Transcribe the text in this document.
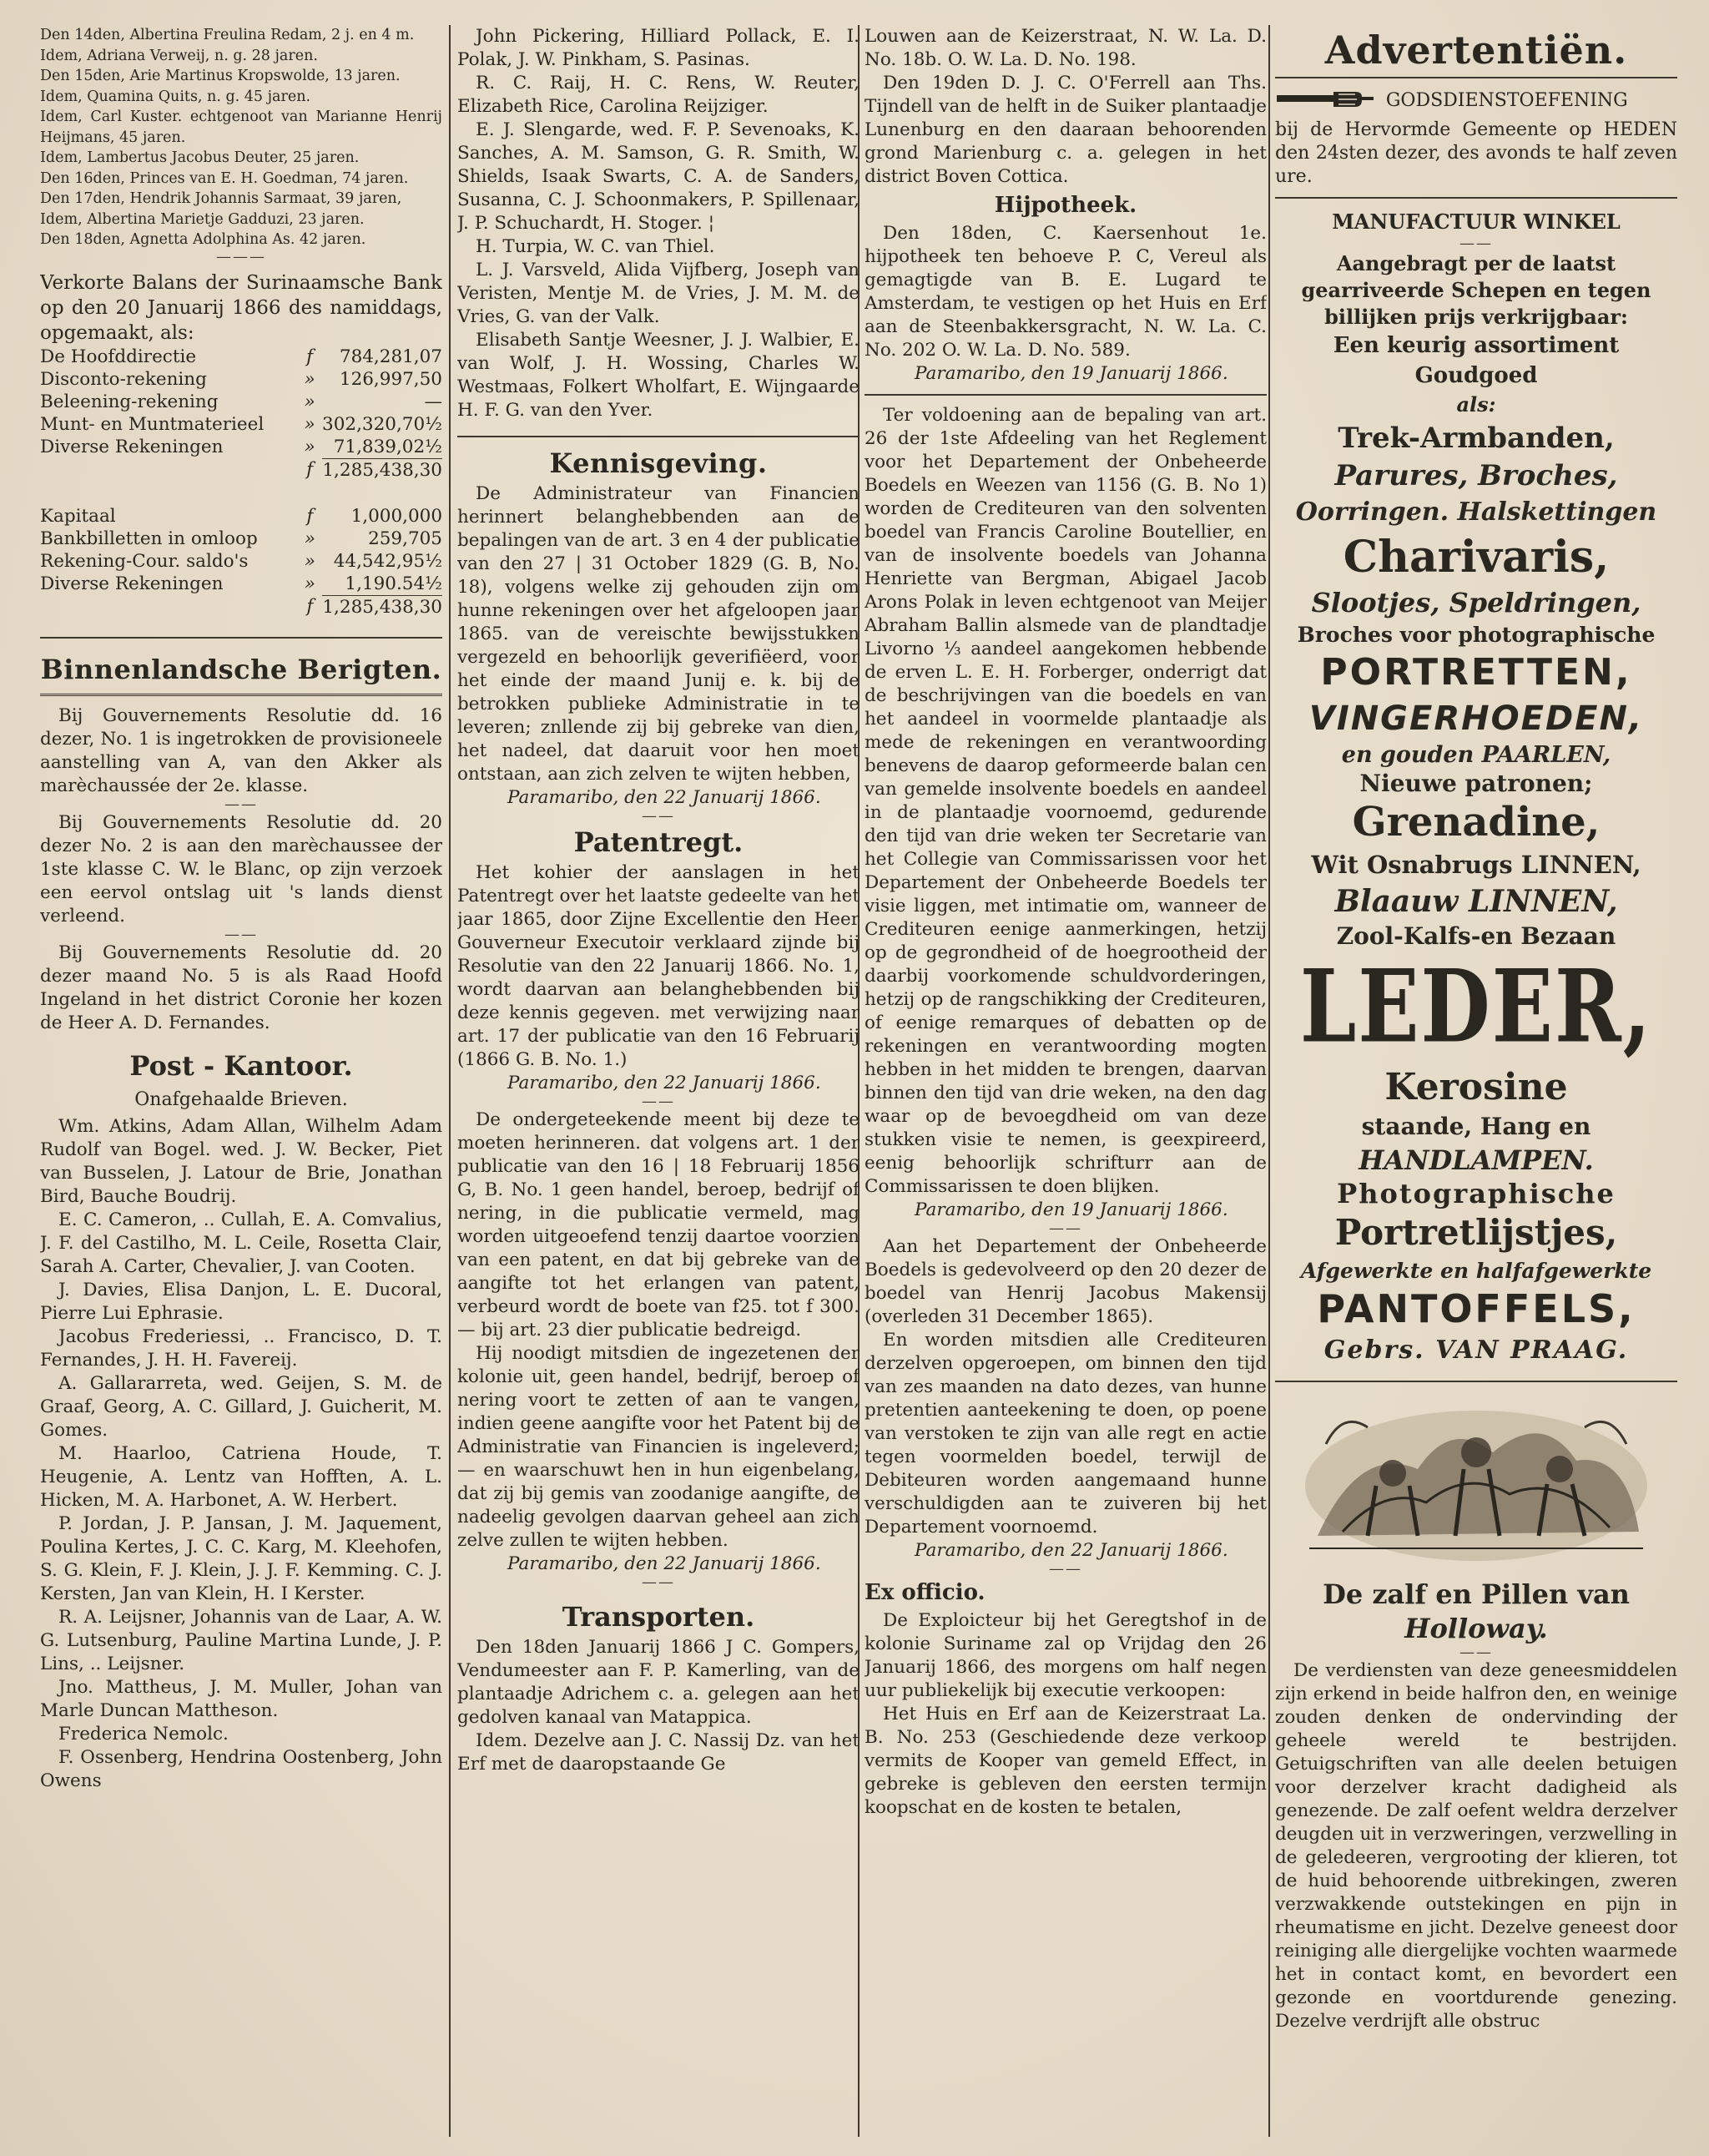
Den 14den, Albertina Freulina Redam, 2 j. en 4 m.

Idem, Adriana Verweij, n. g. 28 jaren.

Den 15den, Arie Martinus Kropswolde, 13 jaren.

Idem, Quamina Quits, n. g. 45 jaren.

Idem, Carl Kuster. echtgenoot van Marianne Henrij Heijmans, 45 jaren.

Idem, Lambertus Jacobus Deuter, 25 jaren.

Den 16den, Princes van E. H. Goedman, 74 jaren.

Den 17den, Hendrik Johannis Sarmaat, 39 jaren,

Idem, Albertina Marietje Gadduzi, 23 jaren.

Den 18den, Agnetta Adolphina As. 42 jaren.

———

Verkorte Balans der Surinaamsche Bank op den 20 Januarij 1866 des namiddags, opgemaakt, als:

De Hoofddirectie	f	784,281,07
Disconto-rekening	»	126,997,50
Beleening-rekening	»	—
Munt- en Muntmaterieel	»	302,320,70½
Diverse Rekeningen	»	71,839,02½
	f	1,285,438,30
Kapitaal	f	1,000,000
Bankbilletten in omloop	»	259,705
Rekening-Cour. saldo's	»	44,542,95½
Diverse Rekeningen	»	1,190.54½
	f	1,285,438,30
Binnenlandsche Berigten.

Bij Gouvernements Resolutie dd. 16 dezer, No. 1 is ingetrokken de provisioneele aanstelling van A, van den Akker als marèchaussée der 2e. klasse.

——

Bij Gouvernements Resolutie dd. 20 dezer No. 2 is aan den marèchaussee der 1ste klasse C. W. le Blanc, op zijn verzoek een eervol ontslag uit 's lands dienst verleend.

——

Bij Gouvernements Resolutie dd. 20 dezer maand No. 5 is als Raad Hoofd Ingeland in het district Coronie her kozen de Heer A. D. Fernandes.

Post - Kantoor.
Onafgehaalde Brieven.

Wm. Atkins, Adam Allan, Wilhelm Adam Rudolf van Bogel. wed. J. W. Becker, Piet van Busselen, J. Latour de Brie, Jonathan Bird, Bauche Boudrij.

E. C. Cameron, .. Cullah, E. A. Comvalius, J. F. del Castilho, M. L. Ceile, Rosetta Clair, Sarah A. Carter, Chevalier, J. van Cooten.

J. Davies, Elisa Danjon, L. E. Ducoral, Pierre Lui Ephrasie.

Jacobus Frederiessi, .. Francisco, D. T. Fernandes, J. H. H. Favereij.

A. Gallararreta, wed. Geijen, S. M. de Graaf, Georg, A. C. Gillard, J. Guicherit, M. Gomes.

M. Haarloo, Catriena Houde, T. Heugenie, A. Lentz van Hofften, A. L. Hicken, M. A. Harbonet, A. W. Herbert.

P. Jordan, J. P. Jansan, J. M. Jaquement, Poulina Kertes, J. C. C. Karg, M. Kleehofen, S. G. Klein, F. J. Klein, J. J. F. Kemming. C. J. Kersten, Jan van Klein, H. I Kerster.

R. A. Leijsner, Johannis van de Laar, A. W. G. Lutsenburg, Pauline Martina Lunde, J. P. Lins, .. Leijsner.

Jno. Mattheus, J. M. Muller, Johan van Marle Duncan Mattheson.

Frederica Nemolc.

F. Ossenberg, Hendrina Oostenberg, John Owens

John Pickering, Hilliard Pollack, E. I. Polak, J. W. Pinkham, S. Pasinas.

R. C. Raij, H. C. Rens, W. Reuter, Elizabeth Rice, Carolina Reijziger.

E. J. Slengarde, wed. F. P. Sevenoaks, K. Sanches, A. M. Samson, G. R. Smith, W. Shields, Isaak Swarts, C. A. de Sanders, Susanna, C. J. Schoonmakers, P. Spillenaar, J. P. Schuchardt, H. Stoger. ¦

H. Turpia, W. C. van Thiel.

L. J. Varsveld, Alida Vijfberg, Joseph van Veristen, Mentje M. de Vries, J. M. M. de Vries, G. van der Valk.

Elisabeth Santje Weesner, J. J. Walbier, E. van Wolf, J. H. Wossing, Charles W. Westmaas, Folkert Wholfart, E. Wijngaarde H. F. G. van den Yver.

Kennisgeving.

De Administrateur van Financien herinnert belanghebbenden aan de bepalingen van de art. 3 en 4 der publicatie van den 27 | 31 October 1829 (G. B, No. 18), volgens welke zij gehouden zijn om hunne rekeningen over het afgeloopen jaar 1865. van de vereischte bewijsstukken vergezeld en behoorlijk geverifiëerd, voor het einde der maand Junij e. k. bij de betrokken publieke Administratie in te leveren; znllende zij bij gebreke van dien, het nadeel, dat daaruit voor hen moet ontstaan, aan zich zelven te wijten hebben,

Paramaribo, den 22 Januarij 1866.

——
Patentregt.

Het kohier der aanslagen in het Patentregt over het laatste gedeelte van het jaar 1865, door Zijne Excellentie den Heer Gouverneur Executoir verklaard zijnde bij Resolutie van den 22 Januarij 1866. No. 1, wordt daarvan aan belanghebbenden bij deze kennis gegeven. met verwijzing naar art. 17 der publicatie van den 16 Februarij (1866 G. B. No. 1.)

Paramaribo, den 22 Januarij 1866.

——

De ondergeteekende meent bij deze te moeten herinneren. dat volgens art. 1 der publicatie van den 16 | 18 Februarij 1856 G, B. No. 1 geen handel, beroep, bedrijf of nering, in die publicatie vermeld, mag worden uitgeoefend tenzij daartoe voorzien van een patent, en dat bij gebreke van de aangifte tot het erlangen van patent, verbeurd wordt de boete van f25. tot f 300. — bij art. 23 dier publicatie bedreigd.

Hij noodigt mitsdien de ingezetenen der kolonie uit, geen handel, bedrijf, beroep of nering voort te zetten of aan te vangen, indien geene aangifte voor het Patent bij de Administratie van Financien is ingeleverd; — en waarschuwt hen in hun eigenbelang, dat zij bij gemis van zoodanige aangifte, de nadeelig gevolgen daarvan geheel aan zich zelve zullen te wijten hebben.

Paramaribo, den 22 Januarij 1866.

——
Transporten.

Den 18den Januarij 1866 J C. Gompers, Vendumeester aan F. P. Kamerling, van de plantaadje Adrichem c. a. gelegen aan het gedolven kanaal van Matappica.

Idem. Dezelve aan J. C. Nassij Dz. van het Erf met de daaropstaande Ge

Louwen aan de Keizerstraat, N. W. La. D. No. 18b. O. W. La. D. No. 198.

Den 19den D. J. C. O'Ferrell aan Ths. Tijndell van de helft in de Suiker plantaadje Lunenburg en den daaraan behoorenden grond Marienburg c. a. gelegen in het district Boven Cottica.

Hijpotheek.

Den 18den, C. Kaersenhout 1e. hijpotheek ten behoeve P. C, Vereul als gemagtigde van B. E. Lugard te Amsterdam, te vestigen op het Huis en Erf aan de Steenbakkersgracht, N. W. La. C. No. 202 O. W. La. D. No. 589.

Paramaribo, den 19 Januarij 1866.

Ter voldoening aan de bepaling van art. 26 der 1ste Afdeeling van het Reglement voor het Departement der Onbeheerde Boedels en Weezen van 1156 (G. B. No 1) worden de Crediteuren van den solventen boedel van Francis Caroline Boutellier, en van de insolvente boedels van Johanna Henriette van Bergman, Abigael Jacob Arons Polak in leven echtgenoot van Meijer Abraham Ballin alsmede van de plandtadje Livorno ⅓ aandeel aangekomen hebbende de erven L. E. H. Forberger, onderrigt dat de beschrijvingen van die boedels en van het aandeel in voormelde plantaadje als mede de rekeningen en verantwoording benevens de daarop geformeerde balan cen van gemelde insolvente boedels en aandeel in de plantaadje voornoemd, gedurende den tijd van drie weken ter Secretarie van het Collegie van Commissarissen voor het Departement der Onbeheerde Boedels ter visie liggen, met intimatie om, wanneer de Crediteuren eenige aanmerkingen, hetzij op de gegrondheid of de hoegrootheid der daarbij voorkomende schuldvorderingen, hetzij op de rangschikking der Crediteuren, of eenige remarques of debatten op de rekeningen en verantwoording mogten hebben in het midden te brengen, daarvan binnen den tijd van drie weken, na den dag waar op de bevoegdheid om van deze stukken visie te nemen, is geexpireerd, eenig behoorlijk schrifturr aan de Commissarissen te doen blijken.

Paramaribo, den 19 Januarij 1866.

——

Aan het Departement der Onbeheerde Boedels is gedevolveerd op den 20 dezer de boedel van Henrij Jacobus Makensij (overleden 31 December 1865).

En worden mitsdien alle Crediteuren derzelven opgeroepen, om binnen den tijd van zes maanden na dato dezes, van hunne pretentien aanteekening te doen, op poene van verstoken te zijn van alle regt en actie tegen voormelden boedel, terwijl de Debiteuren worden aangemaand hunne verschuldigden aan te zuiveren bij het Departement voornoemd.

Paramaribo, den 22 Januarij 1866.

——
Ex officio.

De Exploicteur bij het Geregtshof in de kolonie Suriname zal op Vrijdag den 26 Januarij 1866, des morgens om half negen uur publiekelijk bij executie verkoopen:

Het Huis en Erf aan de Keizerstraat La. B. No. 253 (Geschiedende deze verkoop vermits de Kooper van gemeld Effect, in gebreke is gebleven den eersten termijn koopschat en de kosten te betalen,

Advertentiën.
GODSDIENSTOEFENING

bij de Hervormde Gemeente op HEDEN den 24sten dezer, des avonds te half zeven ure.

MANUFACTUUR WINKEL
——
Aangebragt per de laatst gearriveerde Schepen en tegen billijken prijs verkrijgbaar:
Een keurig assortiment Goudgoed
als:
Trek-Armbanden,
Parures, Broches,
Oorringen. Halskettingen
Charivaris,
Slootjes, Speldringen,
Broches voor photographische
PORTRETTEN,
VINGERHOEDEN,
en gouden PAARLEN,
Nieuwe patronen;
Grenadine,
Wit Osnabrugs LINNEN,
Blaauw LINNEN,
Zool-Kalfs-en Bezaan
LEDER,
Kerosine
staande, Hang en
HANDLAMPEN.
Photographische
Portretlijstjes,
Afgewerkte en halfafgewerkte
PANTOFFELS,
Gebrs. VAN PRAAG.
De zalf en Pillen van
Holloway.
——

De verdiensten van deze geneesmiddelen zijn erkend in beide halfron den, en weinige zouden denken de ondervinding der geheele wereld te bestrijden. Getuigschriften van alle deelen betuigen voor derzelver kracht dadigheid als genezende. De zalf oefent weldra derzelver deugden uit in verzweringen, verzwelling in de geledeeren, vergrooting der klieren, tot de huid behoorende uitbrekingen, zweren verzwakkende outstekingen en pijn in rheumatisme en jicht. Dezelve geneest door reiniging alle diergelijke vochten waarmede het in contact komt, en bevordert een gezonde en voortdurende genezing. Dezelve verdrijft alle obstruc
